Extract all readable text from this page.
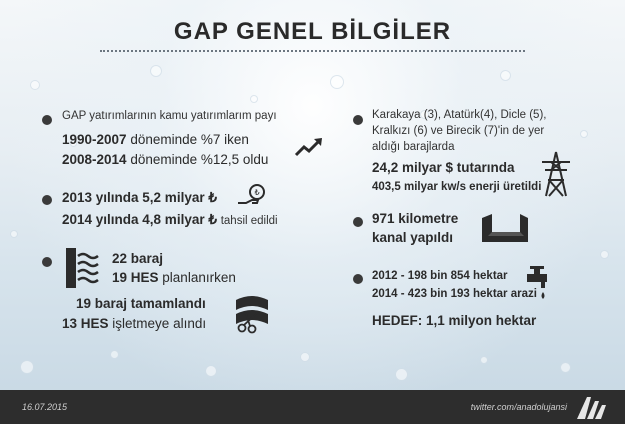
GAP GENEL BİLGİLER
GAP yatırımlarının kamu yatırımlarım payı
1990-2007 döneminde %7 iken
2008-2014 döneminde %12,5 oldu
2013 yılında 5,2 milyar ₺
2014 yılında 4,8 milyar ₺ tahsil edildi
₺
22 baraj
19 HES planlanırken
19 baraj tamamlandı
13 HES işletmeye alındı
Karakaya (3), Atatürk(4), Dicle (5),
Kralkızı (6) ve Birecik (7)'in de yer
aldığı barajlarda
24,2 milyar $ tutarında
403,5 milyar kw/s enerji üretildi
971 kilometre
kanal yapıldı
2012 - 198 bin 854 hektar
2014 - 423 bin 193 hektar arazi
HEDEF: 1,1 milyon hektar
16.07.2015	twitter.com/anadolujansi
